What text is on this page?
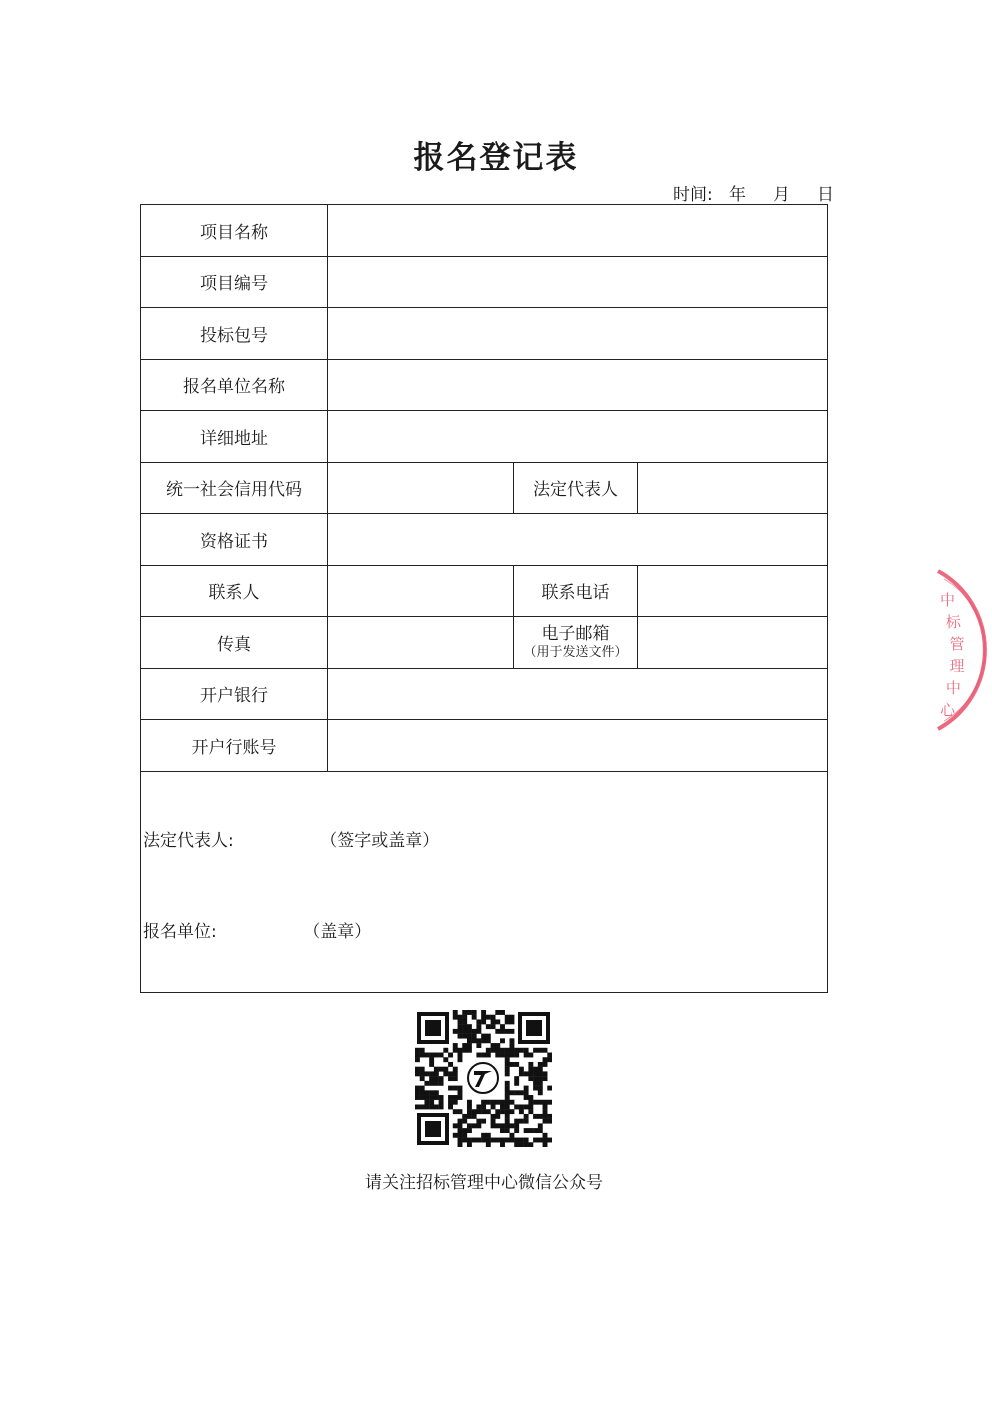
报名登记表
时间: 年 月 日
项目名称			
项目编号			
投标包号			
报名单位名称			
详细地址			
统一社会信用代码		法定代表人	
资格证书			
联系人		联系电话	
传真		电子邮箱
（用于发送文件）	

开户银行			
开户行账号			

法定代表人: （签字或盖章）
报名单位: （盖章）			
请关注招标管理中心微信公众号
中标管理中心
